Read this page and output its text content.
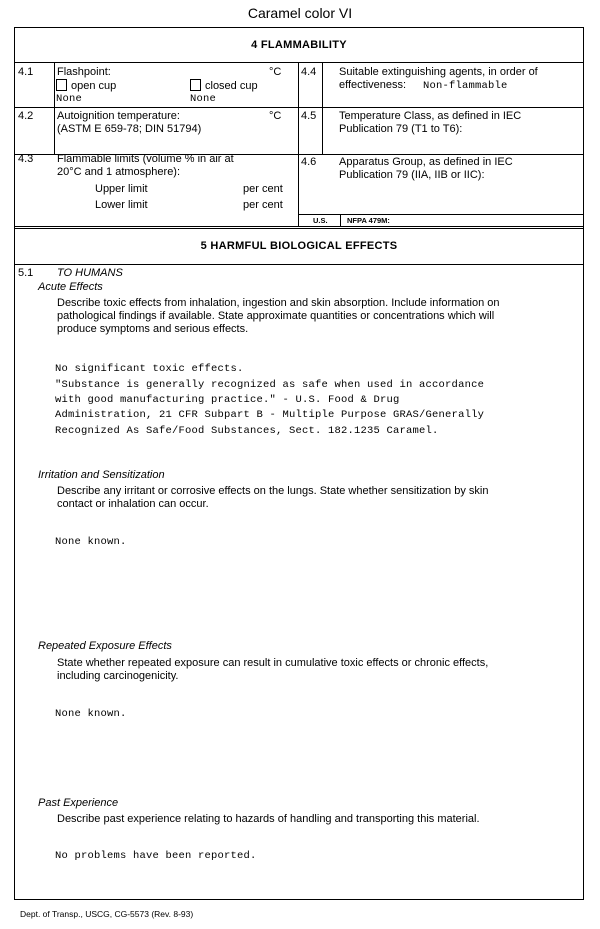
Caramel color VI
4 FLAMMABILITY
4.1 Flashpoint:	°C
open cup	closed cup
None	None
4.2 Autoignition temperature:	°C
(ASTM E 659-78; DIN 51794)
4.3 Flammable limits (volume % in air at
20°C and 1 atmosphere):
Upper limit	per cent
Lower limit	per cent
4.4 Suitable extinguishing agents, in order of
effectiveness: Non-flammable
4.5 Temperature Class, as defined in IEC
Publication 79 (T1 to T6):
4.6 Apparatus Group, as defined in IEC
Publication 79 (IIA, IIB or IIC):
U.S.	NFPA 479M:
5 HARMFUL BIOLOGICAL EFFECTS
5.1 TO HUMANS
Acute Effects
Describe toxic effects from inhalation, ingestion and skin absorption. Include information on
pathological findings if available. State approximate quantities or concentrations which will
produce symptoms and serious effects.
No significant toxic effects.
"Substance is generally recognized as safe when used in accordance
with good manufacturing practice." - U.S. Food & Drug
Administration, 21 CFR Subpart B - Multiple Purpose GRAS/Generally
Recognized As Safe/Food Substances, Sect. 182.1235 Caramel.
Irritation and Sensitization
Describe any irritant or corrosive effects on the lungs. State whether sensitization by skin
contact or inhalation can occur.
None known.
Repeated Exposure Effects
State whether repeated exposure can result in cumulative toxic effects or chronic effects,
including carcinogenicity.
None known.
Past Experience
Describe past experience relating to hazards of handling and transporting this material.
No problems have been reported.
Dept. of Transp., USCG, CG-5573 (Rev. 8-93)
